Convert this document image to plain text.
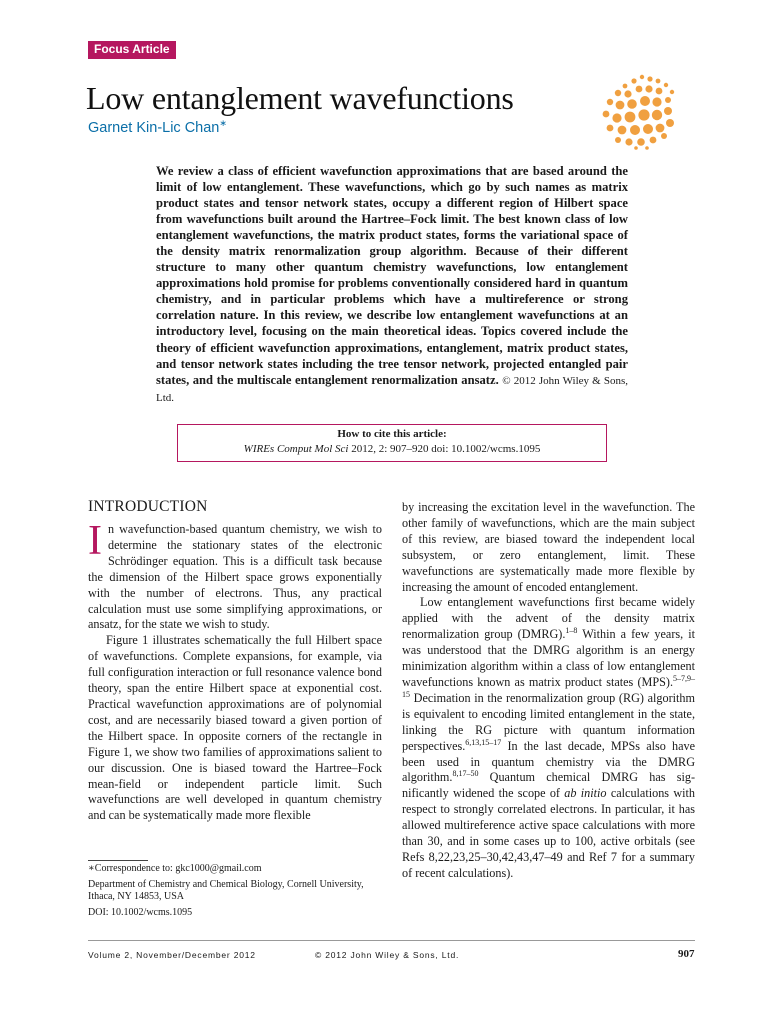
Focus Article
Low entanglement wavefunctions
Garnet Kin-Lic Chan∗
We review a class of efficient wavefunction approximations that are based around the limit of low entanglement. These wavefunctions, which go by such names as matrix product states and tensor network states, occupy a different region of Hilbert space from wavefunctions built around the Hartree–Fock limit. The best known class of low entanglement wavefunctions, the matrix product states, forms the variational space of the density matrix renormalization group algorithm. Because of their different structure to many other quantum chemistry wavefunctions, low entanglement approximations hold promise for problems conventionally considered hard in quantum chemistry, and in particular problems which have a multireference or strong correlation nature. In this review, we describe low entanglement wavefunctions at an introductory level, focusing on the main theoretical ideas. Topics covered include the theory of efficient wavefunction approximations, entanglement, matrix product states, and tensor network states including the tree tensor network, projected entangled pair states, and the multiscale entanglement renormalization ansatz. © 2012 John Wiley & Sons, Ltd.
How to cite this article:
WIREs Comput Mol Sci 2012, 2: 907–920 doi: 10.1002/wcms.1095
INTRODUCTION

In wavefunction-based quantum chemistry, we wish to determine the stationary states of the electronic Schrödinger equation. This is a difficult task because the dimension of the Hilbert space grows exponentially with the number of electrons. Thus, any practical calculation must use some simplifying approximations, or ansatz, for the state we wish to study.

Figure 1 illustrates schematically the full Hilbert space of wavefunctions. Complete expansions, for example, via full configuration interaction or full resonance valence bond theory, span the entire Hilbert space at exponential cost. Practical wavefunction approximations are of polynomial cost, and are necessarily biased toward a given portion of the Hilbert space. In opposite corners of the rectangle in Figure 1, we show two families of approximations salient to our discussion. One is biased toward the Hartree–Fock mean-field or independent particle limit. Such wavefunctions are well developed in quantum chemistry and can be systematically made more flexible

by increasing the excitation level in the wavefunction. The other family of wavefunctions, which are the main subject of this review, are biased toward the independent local subsystem, or zero entanglement, limit. These wavefunctions are systematically made more flexible by increasing the amount of encoded entanglement.

Low entanglement wavefunctions first became widely applied with the advent of the density matrix renormalization group (DMRG).$^{1-8}$ Within a few years, it was understood that the DMRG algorithm is an energy minimization algorithm within a class of low entanglement wavefunctions known as matrix product states (MPS).$^{5-7,9-15}$ Decimation in the renormalization group (RG) algorithm is equivalent to encoding limited entanglement in the state, linking the RG picture with quantum information perspectives.$^{6,13,15-17}$ In the last decade, MPSs also have been used in quantum chemistry via the DMRG algorithm.$^{8,17-50}$ Quantum chemical DMRG has significantly widened the scope of ab initio calculations with respect to strongly correlated electrons. In particular, it has allowed multireference active space calculations with more than 30, and in some cases up to 100, active orbitals (see Refs 8,22,23,25–30,42,43,47–49 and Ref 7 for a summary of recent calculations).

∗Correspondence to: gkc1000@gmail.com
Department of Chemistry and Chemical Biology, Cornell University, Ithaca, NY 14853, USA
DOI: 10.1002/wcms.1095
Volume 2, November/December 2012	© 2012 John Wiley & Sons, Ltd.	907
